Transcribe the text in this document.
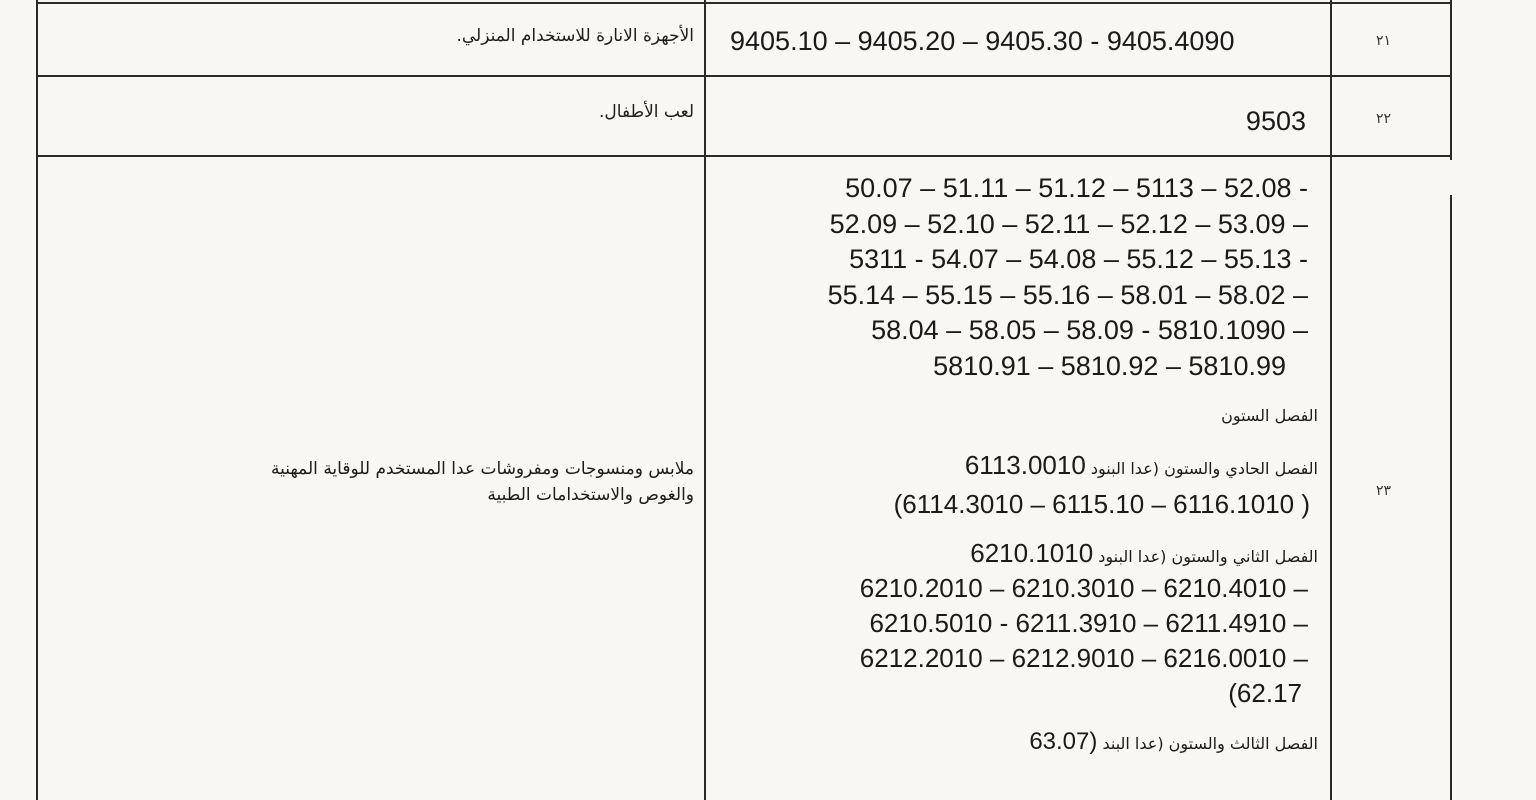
٢١
9405.10 – 9405.20 – 9405.30 - 9405.4090
الأجهزة الانارة للاستخدام المنزلي.
٢٢
9503
لعب الأطفال.
٢٣
50.07 – 51.11 – 51.12 – 5113 – 52.08 -
52.09 – 52.10 – 52.11 – 52.12 – 53.09 –
5311 - 54.07 – 54.08 – 55.12 – 55.13 -
55.14 – 55.15 – 55.16 – 58.01 – 58.02 –
58.04 – 58.05 – 58.09 - 5810.1090 –
5810.91 – 5810.92 – 5810.99
الفصل الستون
الفصل الحادي والستون (عدا البنود 6113.0010
(6114.3010 – 6115.10 – 6116.1010 )
الفصل الثاني والستون (عدا البنود 6210.1010
6210.2010 – 6210.3010 – 6210.4010 –
6210.5010 - 6211.3910 – 6211.4910 –
6212.2010 – 6212.9010 – 6216.0010 –
(62.17
الفصل الثالث والستون (عدا البند 63.07)
ملابس ومنسوجات ومفروشات عدا المستخدم للوقاية المهنية
والغوص والاستخدامات الطبية
